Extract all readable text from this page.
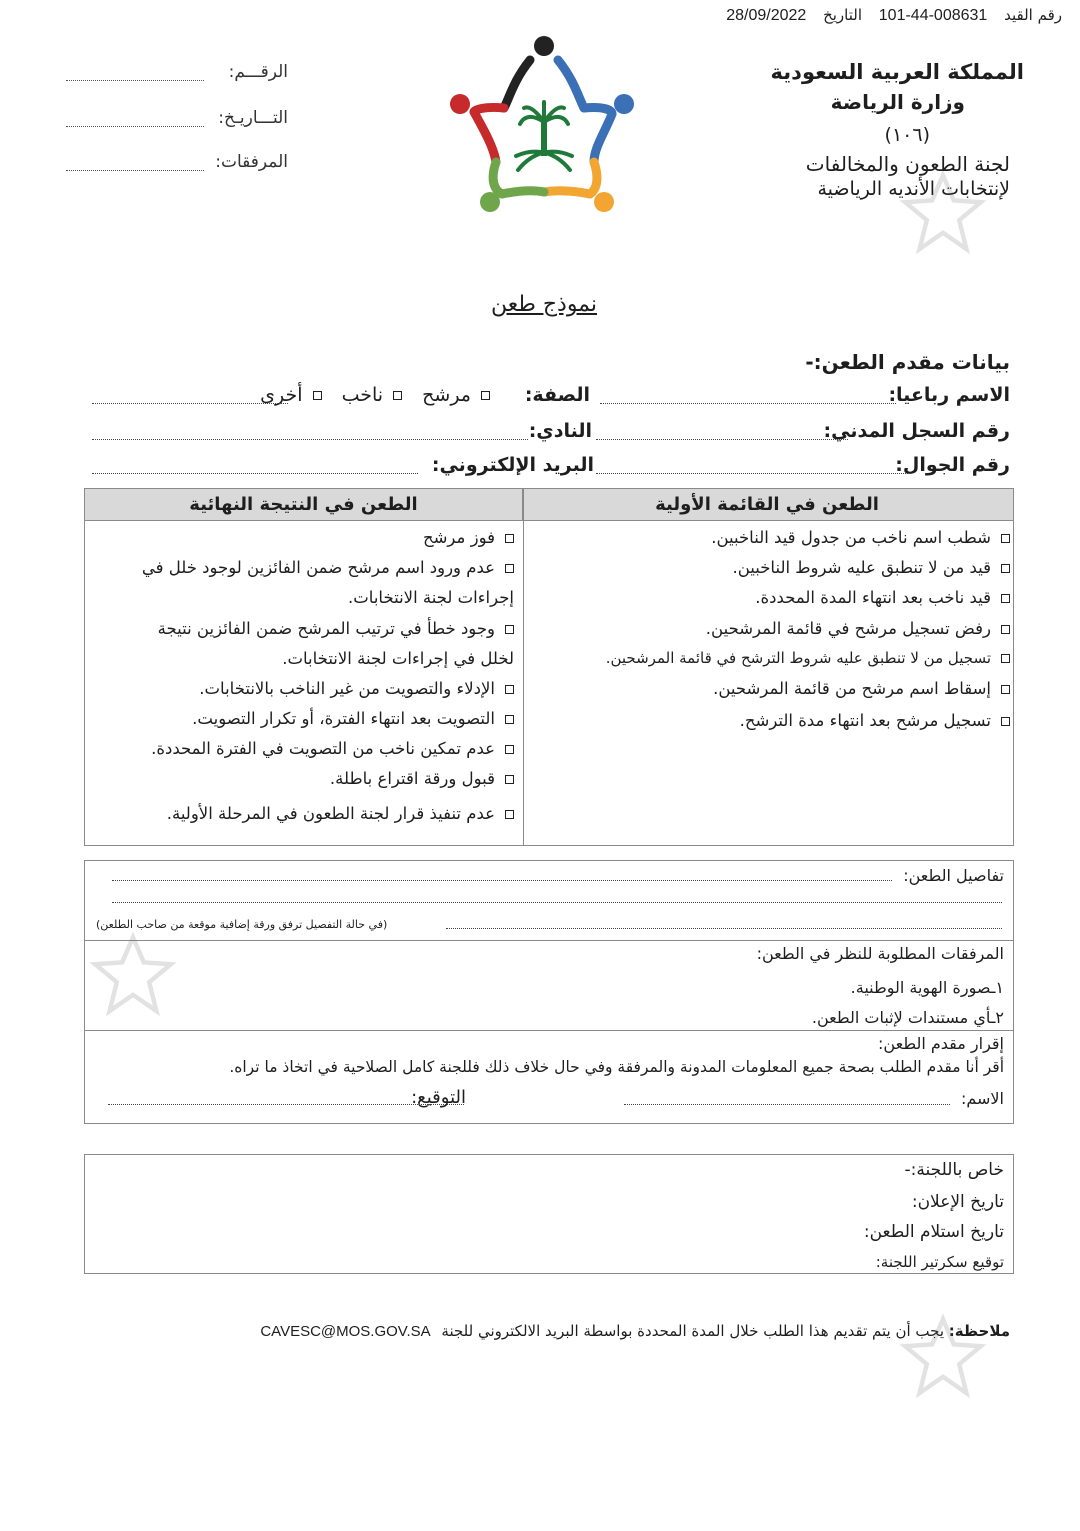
رقم القيد 101-44-008631 التاريخ 28/09/2022
المملكة العربية السعودية
وزارة الرياضة
(١٠٦)
لجنة الطعون والمخالفات
لإنتخابات الأنديه الرياضية
الرقـــم:
التـــاريـخ:
المرفقات:
نموذج طعن
بيانات مقدم الطعن:-
الاسم رباعيا:
الصفة:
مرشح ناخب أخرى
رقم السجل المدني:
النادي:
رقم الجوال:
البريد الإلكتروني:
الطعن في القائمة الأولية
الطعن في النتيجة النهائية
شطب اسم ناخب من جدول قيد الناخبين.
قيد من لا تنطبق عليه شروط الناخبين.
قيد ناخب بعد انتهاء المدة المحددة.
رفض تسجيل مرشح في قائمة المرشحين.
تسجيل من لا تنطبق عليه شروط الترشح في قائمة المرشحين.
إسقاط اسم مرشح من قائمة المرشحين.
تسجيل مرشح بعد انتهاء مدة الترشح.
فوز مرشح
عدم ورود اسم مرشح ضمن الفائزين لوجود خلل في
إجراءات لجنة الانتخابات.
وجود خطأ في ترتيب المرشح ضمن الفائزين نتيجة
لخلل في إجراءات لجنة الانتخابات.
الإدلاء والتصويت من غير الناخب بالانتخابات.
التصويت بعد انتهاء الفترة، أو تكرار التصويت.
عدم تمكين ناخب من التصويت في الفترة المحددة.
قبول ورقة اقتراع باطلة.
عدم تنفيذ قرار لجنة الطعون في المرحلة الأولية.
تفاصيل الطعن:
(في حالة التفصيل ترفق ورقة إضافية موقعة من صاحب الطلعن)
المرفقات المطلوبة للنظر في الطعن:
١ـصورة الهوية الوطنية.
٢ـأي مستندات لإثبات الطعن.
إقرار مقدم الطعن:
أقر أنا مقدم الطلب بصحة جميع المعلومات المدونة والمرفقة وفي حال خلاف ذلك فللجنة كامل الصلاحية في اتخاذ ما تراه.
الاسم:
التوقيع:
خاص باللجنة:-
تاريخ الإعلان:
تاريخ استلام الطعن:
توقيع سكرتير اللجنة:
ملاحظة: يجب أن يتم تقديم هذا الطلب خلال المدة المحددة بواسطة البريد الالكتروني للجنة CAVESC@MOS.GOV.SA
